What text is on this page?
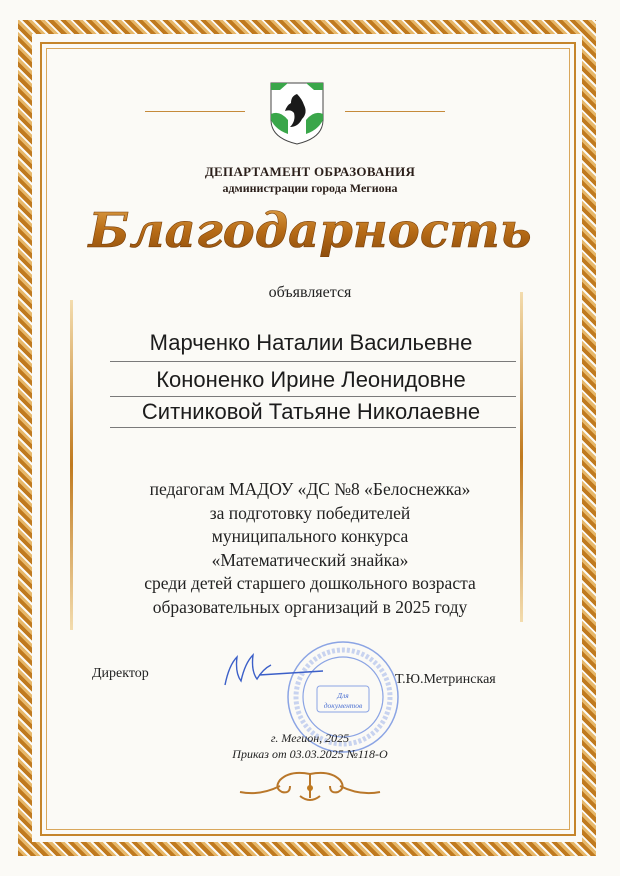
ДЕПАРТАМЕНТ ОБРАЗОВАНИЯ
администрации города Мегиона
Благодарность
объявляется
Марченко Наталии Васильевне
Кононенко Ирине Леонидовне
Ситниковой Татьяне Николаевне
педагогам МАДОУ «ДС №8 «Белоснежка»
за подготовку победителей
муниципального конкурса
«Математический знайка»
среди детей старшего дошкольного возраста
образовательных организаций в 2025 году
Директор
Для
документов
Т.Ю.Метринская
г. Мегион, 2025
Приказ от 03.03.2025 №118-О
